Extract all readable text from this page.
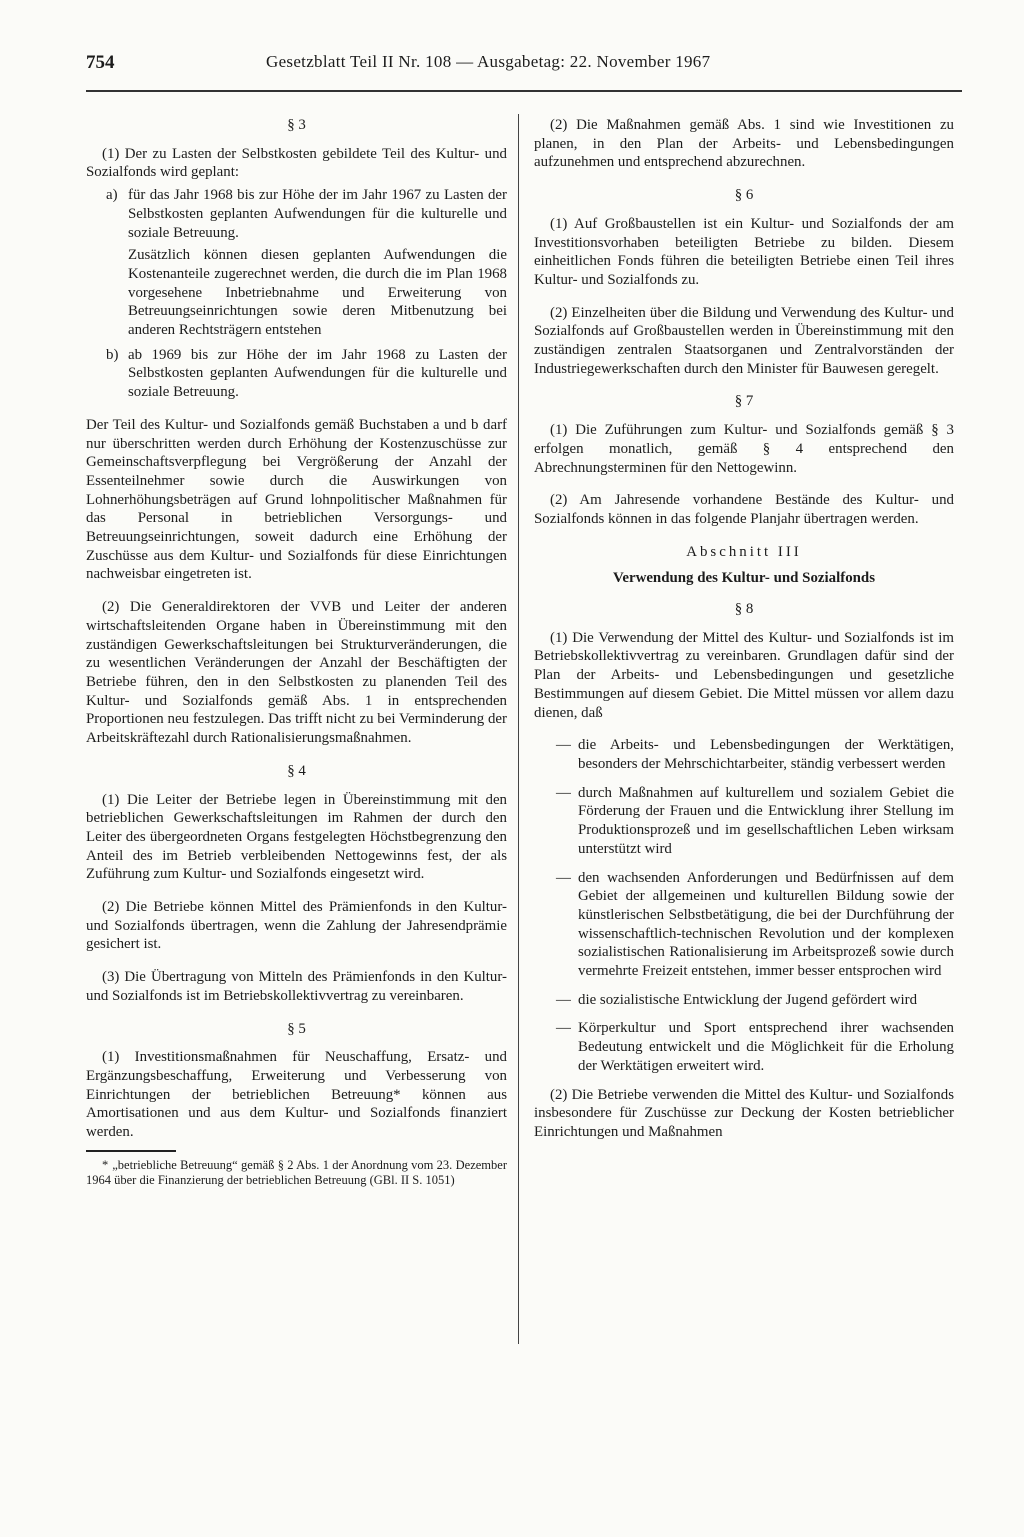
754	Gesetzblatt Teil II Nr. 108 — Ausgabetag: 22. November 1967

§ 3

(1) Der zu Lasten der Selbstkosten gebildete Teil des Kultur- und Sozialfonds wird geplant:

a) für das Jahr 1968 bis zur Höhe der im Jahr 1967 zu Lasten der Selbstkosten geplanten Aufwendungen für die kulturelle und soziale Betreuung.

Zusätzlich können diesen geplanten Aufwendungen die Kostenanteile zugerechnet werden, die durch die im Plan 1968 vorgesehene Inbetriebnahme und Erweiterung von Betreuungseinrichtungen sowie deren Mitbenutzung bei anderen Rechtsträgern entstehen

b) ab 1969 bis zur Höhe der im Jahr 1968 zu Lasten der Selbstkosten geplanten Aufwendungen für die kulturelle und soziale Betreuung.

Der Teil des Kultur- und Sozialfonds gemäß Buchstaben a und b darf nur überschritten werden durch Erhöhung der Kostenzuschüsse zur Gemeinschaftsverpflegung bei Vergrößerung der Anzahl der Essenteilnehmer sowie durch die Auswirkungen von Lohnerhöhungsbeträgen auf Grund lohnpolitischer Maßnahmen für das Personal in betrieblichen Versorgungs- und Betreuungseinrichtungen, soweit dadurch eine Erhöhung der Zuschüsse aus dem Kultur- und Sozialfonds für diese Einrichtungen nachweisbar eingetreten ist.

(2) Die Generaldirektoren der VVB und Leiter der anderen wirtschaftsleitenden Organe haben in Übereinstimmung mit den zuständigen Gewerkschaftsleitungen bei Strukturveränderungen, die zu wesentlichen Veränderungen der Anzahl der Beschäftigten der Betriebe führen, den in den Selbstkosten zu planenden Teil des Kultur- und Sozialfonds gemäß Abs. 1 in entsprechenden Proportionen neu festzulegen. Das trifft nicht zu bei Verminderung der Arbeitskräftezahl durch Rationalisierungsmaßnahmen.

§ 4

(1) Die Leiter der Betriebe legen in Übereinstimmung mit den betrieblichen Gewerkschaftsleitungen im Rahmen der durch den Leiter des übergeordneten Organs festgelegten Höchstbegrenzung den Anteil des im Betrieb verbleibenden Nettogewinns fest, der als Zuführung zum Kultur- und Sozialfonds eingesetzt wird.

(2) Die Betriebe können Mittel des Prämienfonds in den Kultur- und Sozialfonds übertragen, wenn die Zahlung der Jahresendprämie gesichert ist.

(3) Die Übertragung von Mitteln des Prämienfonds in den Kultur- und Sozialfonds ist im Betriebskollektivvertrag zu vereinbaren.

§ 5

(1) Investitionsmaßnahmen für Neuschaffung, Ersatz- und Ergänzungsbeschaffung, Erweiterung und Verbesserung von Einrichtungen der betrieblichen Betreuung* können aus Amortisationen und aus dem Kultur- und Sozialfonds finanziert werden.

* „betriebliche Betreuung“ gemäß § 2 Abs. 1 der Anordnung vom 23. Dezember 1964 über die Finanzierung der betrieblichen Betreuung (GBl. II S. 1051)

(2) Die Maßnahmen gemäß Abs. 1 sind wie Investitionen zu planen, in den Plan der Arbeits- und Lebensbedingungen aufzunehmen und entsprechend abzurechnen.

§ 6

(1) Auf Großbaustellen ist ein Kultur- und Sozialfonds der am Investitionsvorhaben beteiligten Betriebe zu bilden. Diesem einheitlichen Fonds führen die beteiligten Betriebe einen Teil ihres Kultur- und Sozialfonds zu.

(2) Einzelheiten über die Bildung und Verwendung des Kultur- und Sozialfonds auf Großbaustellen werden in Übereinstimmung mit den zuständigen zentralen Staatsorganen und Zentralvorständen der Industriegewerkschaften durch den Minister für Bauwesen geregelt.

§ 7

(1) Die Zuführungen zum Kultur- und Sozialfonds gemäß § 3 erfolgen monatlich, gemäß § 4 entsprechend den Abrechnungsterminen für den Nettogewinn.

(2) Am Jahresende vorhandene Bestände des Kultur- und Sozialfonds können in das folgende Planjahr übertragen werden.

Abschnitt III

Verwendung des Kultur- und Sozialfonds

§ 8

(1) Die Verwendung der Mittel des Kultur- und Sozialfonds ist im Betriebskollektivvertrag zu vereinbaren. Grundlagen dafür sind der Plan der Arbeits- und Lebensbedingungen und gesetzliche Bestimmungen auf diesem Gebiet. Die Mittel müssen vor allem dazu dienen, daß

— die Arbeits- und Lebensbedingungen der Werktätigen, besonders der Mehrschichtarbeiter, ständig verbessert werden

— durch Maßnahmen auf kulturellem und sozialem Gebiet die Förderung der Frauen und die Entwicklung ihrer Stellung im Produktionsprozeß und im gesellschaftlichen Leben wirksam unterstützt wird

— den wachsenden Anforderungen und Bedürfnissen auf dem Gebiet der allgemeinen und kulturellen Bildung sowie der künstlerischen Selbstbetätigung, die bei der Durchführung der wissenschaftlich-technischen Revolution und der komplexen sozialistischen Rationalisierung im Arbeitsprozeß sowie durch vermehrte Freizeit entstehen, immer besser entsprochen wird

— die sozialistische Entwicklung der Jugend gefördert wird

— Körperkultur und Sport entsprechend ihrer wachsenden Bedeutung entwickelt und die Möglichkeit für die Erholung der Werktätigen erweitert wird.

(2) Die Betriebe verwenden die Mittel des Kultur- und Sozialfonds insbesondere für Zuschüsse zur Deckung der Kosten betrieblicher Einrichtungen und Maßnahmen
